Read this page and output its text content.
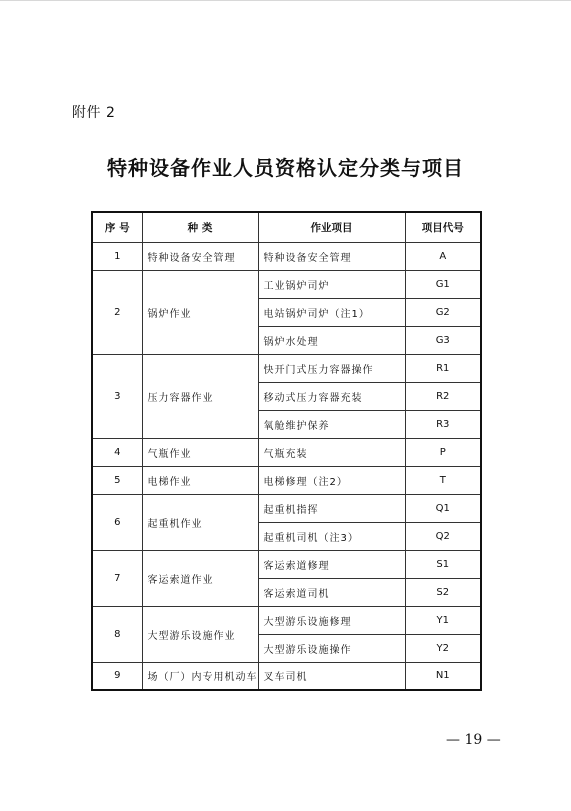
附件 2
特种设备作业人员资格认定分类与项目
序 号	种 类	作业项目	项目代号
1	特种设备安全管理	特种设备安全管理	A
2	锅炉作业	工业锅炉司炉	G1
		电站锅炉司炉（注1）	G2
		锅炉水处理	G3
3	压力容器作业	快开门式压力容器操作	R1
		移动式压力容器充装	R2
		氧舱维护保养	R3
4	气瓶作业	气瓶充装	P
5	电梯作业	电梯修理（注2）	T
6	起重机作业	起重机指挥	Q1
		起重机司机（注3）	Q2
7	客运索道作业	客运索道修理	S1
		客运索道司机	S2
8	大型游乐设施作业	大型游乐设施修理	Y1
		大型游乐设施操作	Y2
9	场（厂）内专用机动车	叉车司机	N1
— 19 —
